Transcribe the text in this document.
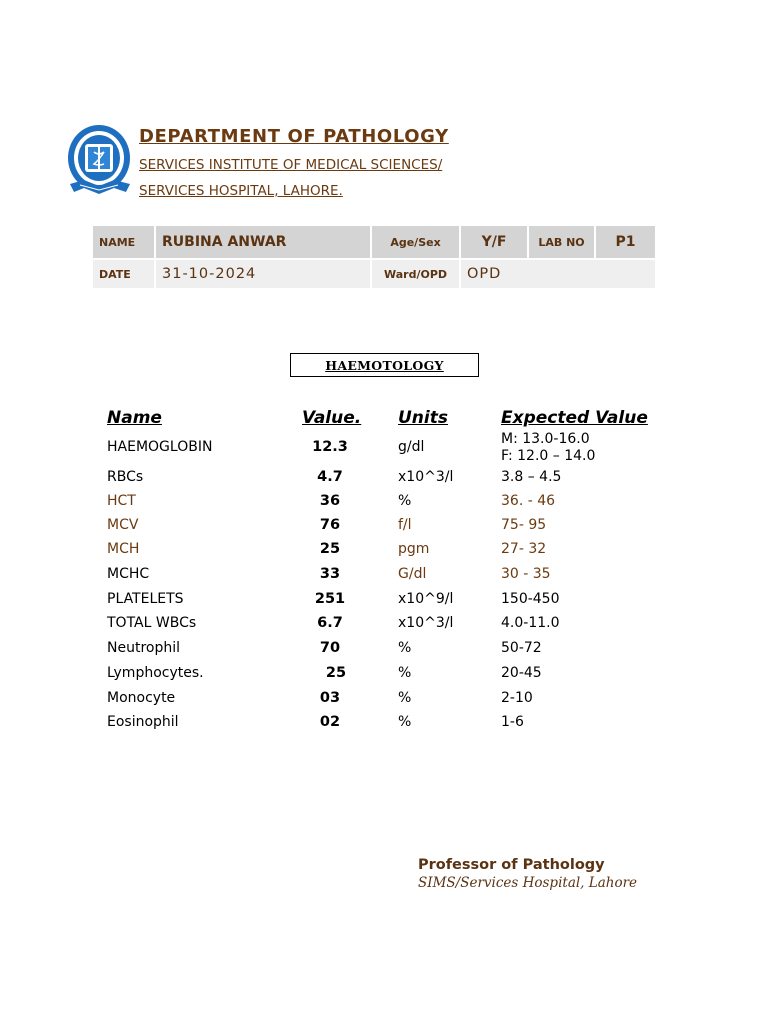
DEPARTMENT OF PATHOLOGY
SERVICES INSTITUTE OF MEDICAL SCIENCES/
SERVICES HOSPITAL, LAHORE.
NAME RUBINA ANWAR	Age/Sex	Y/F	LAB NO P1
DATE 31-10-2024	Ward/OPD OPD
HAEMOTOLOGY
Name	Value. Units	Expected Value
HAEMOGLOBIN	12.3	g/dl	M: 13.0-16.0
F: 12.0 – 14.0
RBCs	4.7	x10^3/l	3.8 – 4.5
HCT	36	%	36. - 46
MCV	76	f/l	75- 95
MCH	25	pgm	27- 32
MCHC	33	G/dl	30 - 35
PLATELETS	251	x10^9/l	150-450
TOTAL WBCs	6.7	x10^3/l	4.0-11.0
Neutrophil	70	%	50-72
Lymphocytes.	25	%	20-45
Monocyte	03	%	2-10
Eosinophil	02	%	1-6
Professor of Pathology
SIMS/Services Hospital, Lahore
